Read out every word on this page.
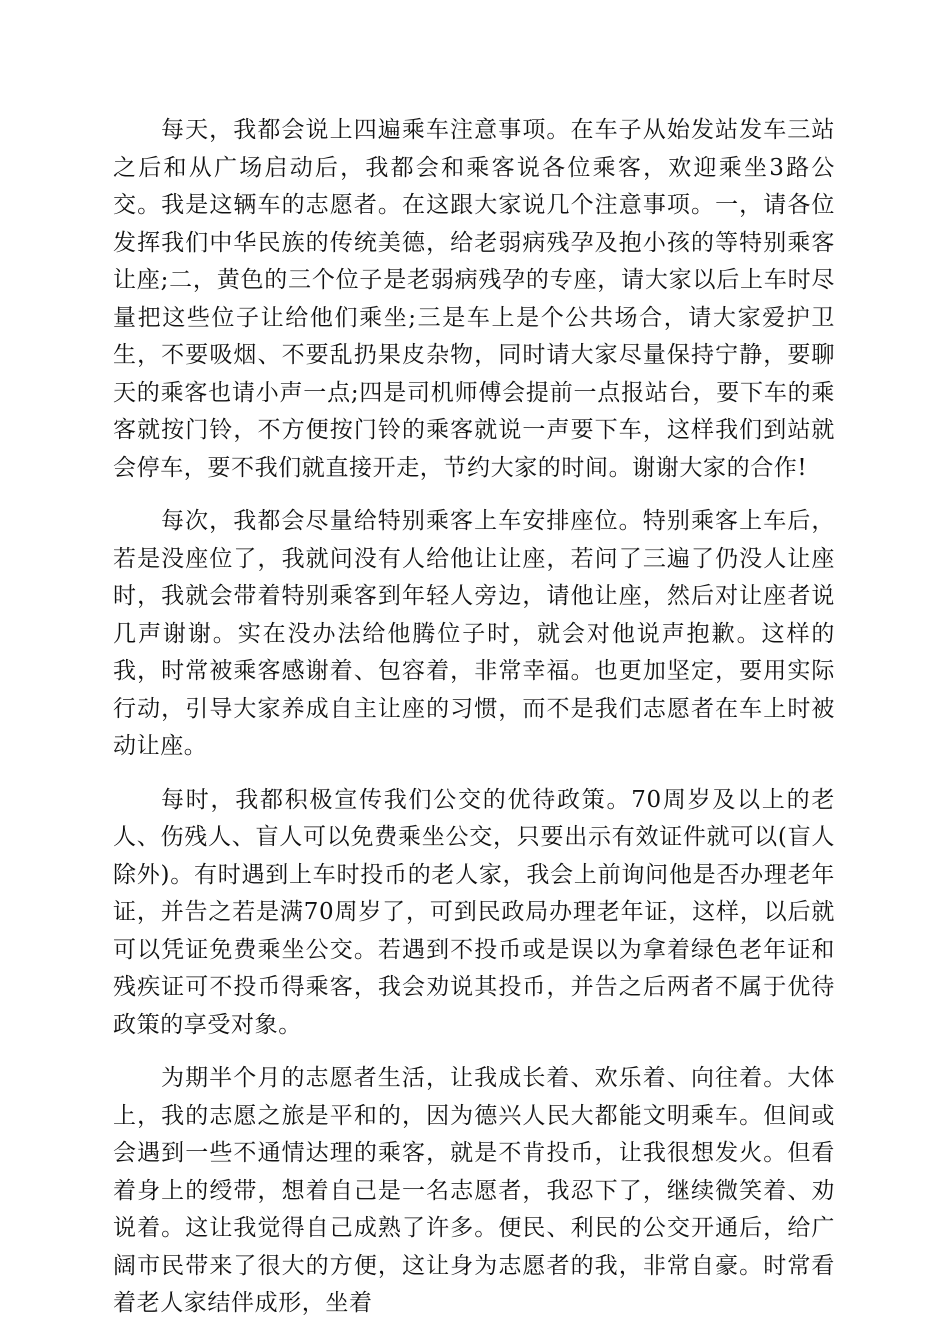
每天，我都会说上四遍乘车注意事项。在车子从始发站发车三站之后和从广场启动后，我都会和乘客说各位乘客，欢迎乘坐3路公交。我是这辆车的志愿者。在这跟大家说几个注意事项。一，请各位发挥我们中华民族的传统美德，给老弱病残孕及抱小孩的等特别乘客让座;二，黄色的三个位子是老弱病残孕的专座，请大家以后上车时尽量把这些位子让给他们乘坐;三是车上是个公共场合，请大家爱护卫生，不要吸烟、不要乱扔果皮杂物，同时请大家尽量保持宁静，要聊天的乘客也请小声一点;四是司机师傅会提前一点报站台，要下车的乘客就按门铃，不方便按门铃的乘客就说一声要下车，这样我们到站就会停车，要不我们就直接开走，节约大家的时间。谢谢大家的合作!

每次，我都会尽量给特别乘客上车安排座位。特别乘客上车后，若是没座位了，我就问没有人给他让让座，若问了三遍了仍没人让座时，我就会带着特别乘客到年轻人旁边，请他让座，然后对让座者说几声谢谢。实在没办法给他腾位子时，就会对他说声抱歉。这样的我，时常被乘客感谢着、包容着，非常幸福。也更加坚定，要用实际行动，引导大家养成自主让座的习惯，而不是我们志愿者在车上时被动让座。

每时，我都积极宣传我们公交的优待政策。70周岁及以上的老人、伤残人、盲人可以免费乘坐公交，只要出示有效证件就可以(盲人除外)。有时遇到上车时投币的老人家，我会上前询问他是否办理老年证，并告之若是满70周岁了，可到民政局办理老年证，这样，以后就可以凭证免费乘坐公交。若遇到不投币或是误以为拿着绿色老年证和残疾证可不投币得乘客，我会劝说其投币，并告之后两者不属于优待政策的享受对象。

为期半个月的志愿者生活，让我成长着、欢乐着、向往着。大体上，我的志愿之旅是平和的，因为德兴人民大都能文明乘车。但间或会遇到一些不通情达理的乘客，就是不肯投币，让我很想发火。但看着身上的绶带，想着自己是一名志愿者，我忍下了，继续微笑着、劝说着。这让我觉得自己成熟了许多。便民、利民的公交开通后，给广阔市民带来了很大的方便，这让身为志愿者的我，非常自豪。时常看着老人家结伴成形，坐着
